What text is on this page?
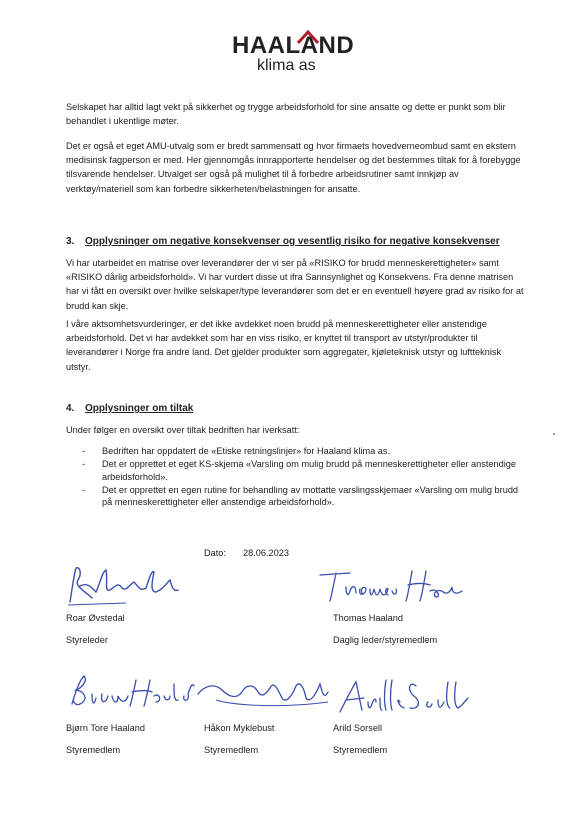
HAALAND
klima as

Selskapet har alltid lagt vekt på sikkerhet og trygge arbeidsforhold for sine ansatte og dette er punkt som blir behandlet i ukentlige møter.

Det er også et eget AMU-utvalg som er bredt sammensatt og hvor firmaets hovedverneombud samt en ekstern medisinsk fagperson er med. Her gjennomgås innrapporterte hendelser og det bestemmes tiltak for å forebygge tilsvarende hendelser. Utvalget ser også på mulighet til å forbedre arbeidsrutiner samt innkjøp av verktøy/materiell som kan forbedre sikkerheten/belastningen for ansatte.

3. Opplysninger om negative konsekvenser og vesentlig risiko for negative konsekvenser

Vi har utarbeidet en matrise over leverandører der vi ser på «RISIKO for brudd menneskerettigheter» samt «RISIKO dårlig arbeidsforhold». Vi har vurdert disse ut ifra Sannsynlighet og Konsekvens. Fra denne matrisen har vi fått en oversikt over hvilke selskaper/type leverandører som det er en eventuell høyere grad av risiko for at brudd kan skje.

I våre aktsomhetsvurderinger, er det ikke avdekket noen brudd på menneskerettigheter eller anstendige arbeidsforhold. Det vi har avdekket som har en viss risiko, er knyttet til transport av utstyr/produkter til leverandører i Norge fra andre land. Det gjelder produkter som aggregater, kjøleteknisk utstyr og luftteknisk utstyr.

4. Opplysninger om tiltak

Under følger en oversikt over tiltak bedriften har iverksatt:

- Bedriften har oppdatert de «Etiske retningslinjer» for Haaland klima as.
- Det er opprettet et eget KS-skjema «Varsling om mulig brudd på menneskerettigheter eller anstendige arbeidsforhold».
- Det er opprettet en egen rutine for behandling av mottatte varslingsskjemaer «Varsling om mulig brudd på menneskerettigheter eller anstendige arbeidsforhold».
Dato: 28.06.2023
Roar Øvstedal
Styreleder
Thomas Haaland
Daglig leder/styremedlem
Bjørn Tore Haaland
Styremedlem
Håkon Myklebust
Styremedlem
Arild Sorsell
Styremedlem
